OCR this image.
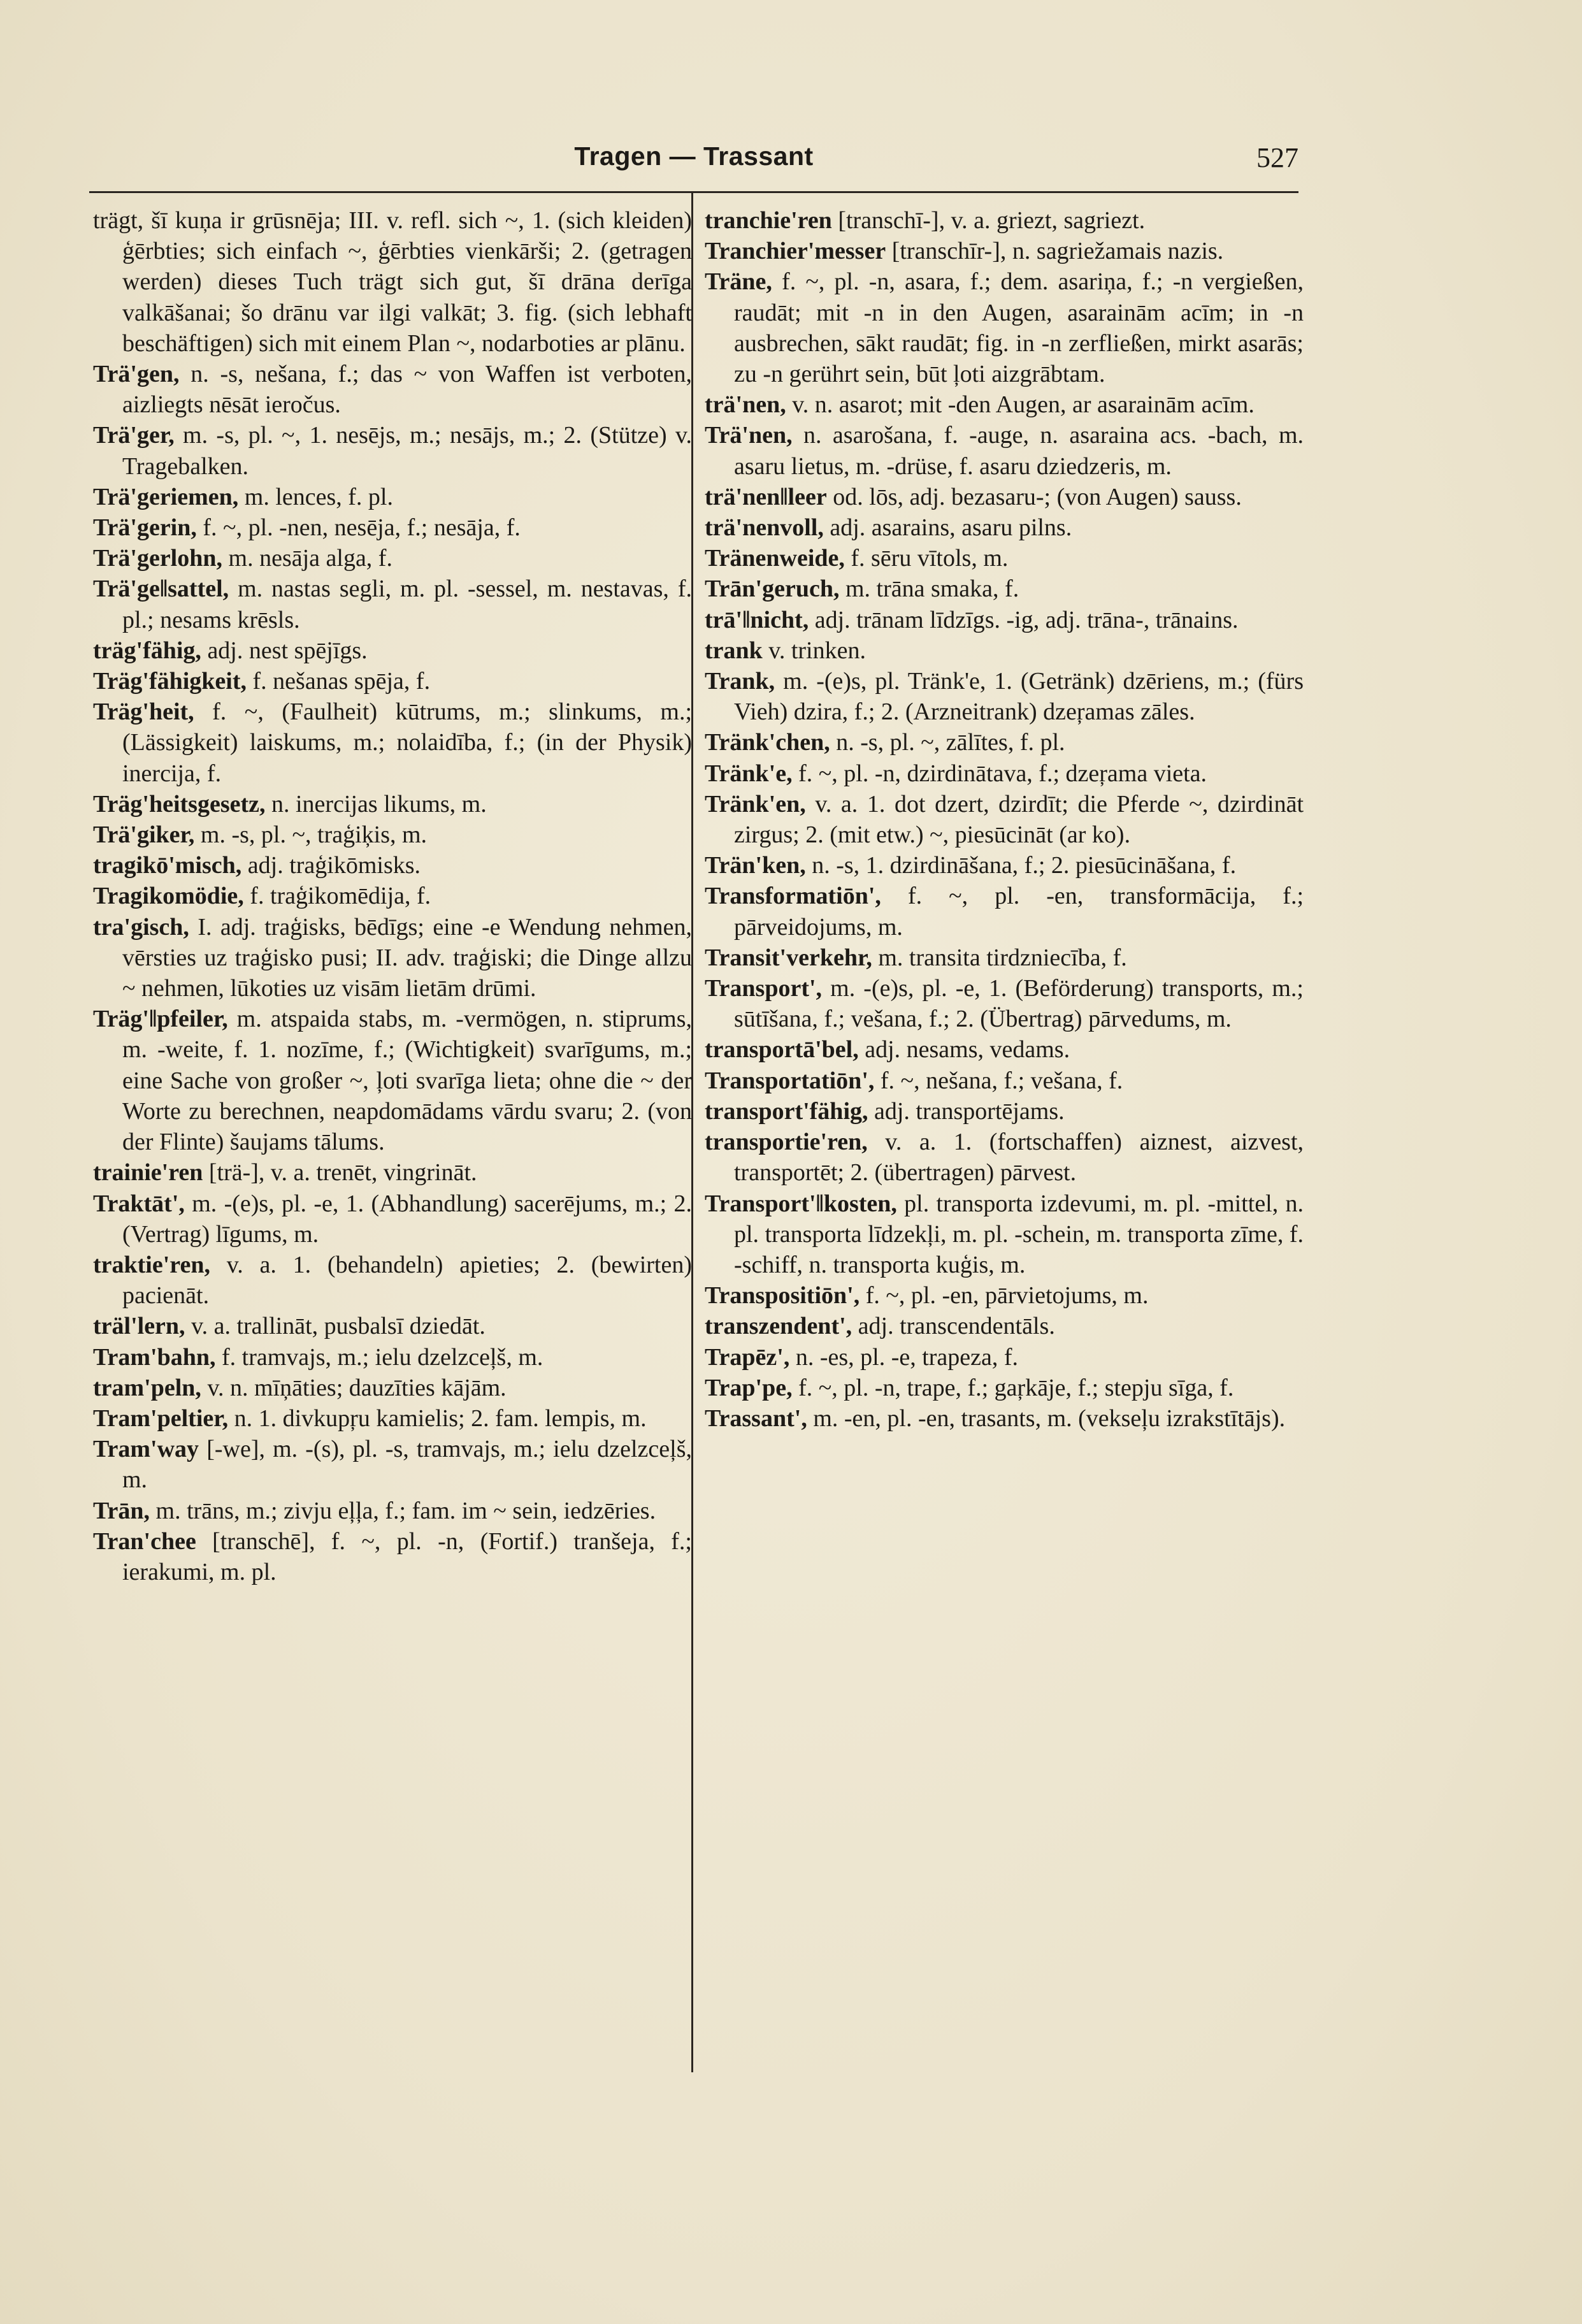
Tragen — Trassant	527

trägt, šī kuņa ir grūsnēja; III. v. refl. sich ~, 1. (sich kleiden) ģērbties; sich einfach ~, ģērbties vienkārši; 2. (getragen werden) dieses Tuch trägt sich gut, šī drāna derīga valkāšanai; šo drānu var ilgi valkāt; 3. fig. (sich lebhaft beschäftigen) sich mit einem Plan ~, nodarboties ar plānu.

Trä'gen, n. -s, nešana, f.; das ~ von Waffen ist verboten, aizliegts nēsāt ieročus.

Trä'ger, m. -s, pl. ~, 1. nesējs, m.; nesājs, m.; 2. (Stütze) v. Tragebalken.

Trä'geriemen, m. lences, f. pl.

Trä'gerin, f. ~, pl. -nen, nesēja, f.; nesāja, f.

Trä'gerlohn, m. nesāja alga, f.

Trä'ge‖sattel, m. nastas segli, m. pl. -sessel, m. nestavas, f. pl.; nesams krēsls.

träg'fähig, adj. nest spējīgs.

Träg'fähigkeit, f. nešanas spēja, f.

Träg'heit, f. ~, (Faulheit) kūtrums, m.; slinkums, m.; (Lässigkeit) laiskums, m.; nolaidība, f.; (in der Physik) inercija, f.

Träg'heitsgesetz, n. inercijas likums, m.

Trä'giker, m. -s, pl. ~, traģiķis, m.

tragikō'misch, adj. traģikōmisks.

Tragikomödie, f. traģikomēdija, f.

tra'gisch, I. adj. traģisks, bēdīgs; eine -e Wendung nehmen, vērsties uz traģisko pusi; II. adv. traģiski; die Dinge allzu ~ nehmen, lūkoties uz visām lietām drūmi.

Träg'‖pfeiler, m. atspaida stabs, m. -vermögen, n. stiprums, m. -weite, f. 1. nozīme, f.; (Wichtigkeit) svarīgums, m.; eine Sache von großer ~, ļoti svarīga lieta; ohne die ~ der Worte zu berechnen, neapdomādams vārdu svaru; 2. (von der Flinte) šaujams tālums.

trainie'ren [trä-], v. a. trenēt, vingrināt.

Traktāt', m. -(e)s, pl. -e, 1. (Abhandlung) sacerējums, m.; 2. (Vertrag) līgums, m.

traktie'ren, v. a. 1. (behandeln) apieties; 2. (bewirten) pacienāt.

träl'lern, v. a. trallināt, pusbalsī dziedāt.

Tram'bahn, f. tramvajs, m.; ielu dzelzceļš, m.

tram'peln, v. n. mīņāties; dauzīties kājām.

Tram'peltier, n. 1. divkupŗu kamielis; 2. fam. lempis, m.

Tram'way [-we], m. -(s), pl. -s, tramvajs, m.; ielu dzelzceļš, m.

Trān, m. trāns, m.; zivju eļļa, f.; fam. im ~ sein, iedzēries.

Tran'chee [transchē], f. ~, pl. -n, (Fortif.) tranšeja, f.; ierakumi, m. pl.

tranchie'ren [transchī-], v. a. griezt, sagriezt.

Tranchier'messer [transchīr-], n. sagriežamais nazis.

Träne, f. ~, pl. -n, asara, f.; dem. asariņa, f.; -n vergießen, raudāt; mit -n in den Augen, asarainām acīm; in -n ausbrechen, sākt raudāt; fig. in -n zerfließen, mirkt asarās; zu -n gerührt sein, būt ļoti aizgrābtam.

trä'nen, v. n. asarot; mit -den Augen, ar asarainām acīm.

Trä'nen, n. asarošana, f. -auge, n. asaraina acs. -bach, m. asaru lietus, m. -drüse, f. asaru dziedzeris, m.

trä'nen‖leer od. lōs, adj. bezasaru-; (von Augen) sauss.

trä'nenvoll, adj. asarains, asaru pilns.

Tränenweide, f. sēru vītols, m.

Trān'geruch, m. trāna smaka, f.

trā'‖nicht, adj. trānam līdzīgs. -ig, adj. trāna-, trānains.

trank v. trinken.

Trank, m. -(e)s, pl. Tränk'e, 1. (Getränk) dzēriens, m.; (fürs Vieh) dzira, f.; 2. (Arzneitrank) dzeŗamas zāles.

Tränk'chen, n. -s, pl. ~, zālītes, f. pl.

Tränk'e, f. ~, pl. -n, dzirdinātava, f.; dzeŗama vieta.

Tränk'en, v. a. 1. dot dzert, dzirdīt; die Pferde ~, dzirdināt zirgus; 2. (mit etw.) ~, piesūcināt (ar ko).

Trän'ken, n. -s, 1. dzirdināšana, f.; 2. piesūcināšana, f.

Transformatiōn', f. ~, pl. -en, transformācija, f.; pārveidojums, m.

Transit'verkehr, m. transita tirdzniecība, f.

Transport', m. -(e)s, pl. -e, 1. (Beförderung) transports, m.; sūtīšana, f.; vešana, f.; 2. (Übertrag) pārvedums, m.

transportā'bel, adj. nesams, vedams.

Transportatiōn', f. ~, nešana, f.; vešana, f.

transport'fähig, adj. transportējams.

transportie'ren, v. a. 1. (fortschaffen) aiznest, aizvest, transportēt; 2. (übertragen) pārvest.

Transport'‖kosten, pl. transporta izdevumi, m. pl. -mittel, n. pl. transporta līdzekļi, m. pl. -schein, m. transporta zīme, f. -schiff, n. transporta kuģis, m.

Transpositiōn', f. ~, pl. -en, pārvietojums, m.

transzendent', adj. transcendentāls.

Trapēz', n. -es, pl. -e, trapeza, f.

Trap'pe, f. ~, pl. -n, trape, f.; gaŗkāje, f.; stepju sīga, f.

Trassant', m. -en, pl. -en, trasants, m. (vekseļu izrakstītājs).
